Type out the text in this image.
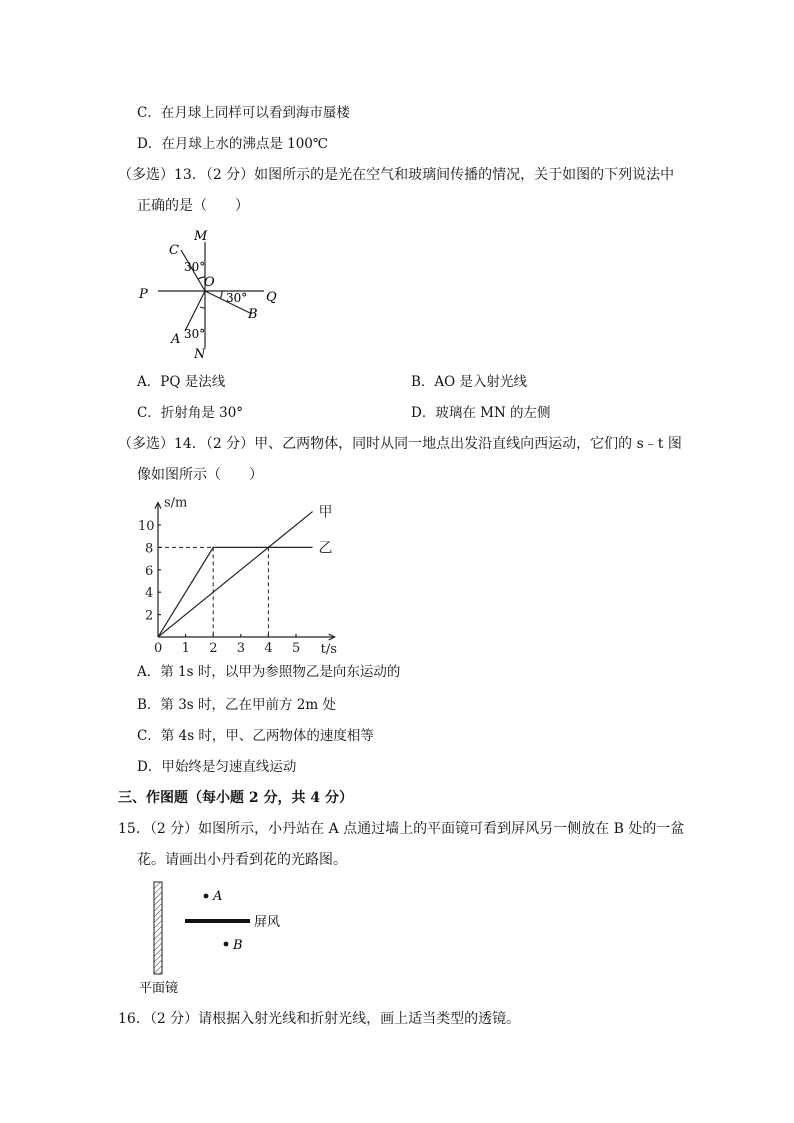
C．在月球上同样可以看到海市蜃楼
D．在月球上水的沸点是 100℃
（多选）13．（2 分）如图所示的是光在空气和玻璃间传播的情况，关于如图的下列说法中
正确的是（　　）
M
C
30°
O
P	Q
30°
B
30°
A
N
A．PQ 是法线	B．AO 是入射光线
C．折射角是 30°	D．玻璃在 MN 的左侧
（多选）14．（2 分）甲、乙两物体，同时从同一地点出发沿直线向西运动，它们的 s﹣t 图
像如图所示（　　）
0 1 2 3 4 5
2
4
6
8
10
s/m
t/s
甲
乙
A．第 1s 时，以甲为参照物乙是向东运动的
B．第 3s 时，乙在甲前方 2m 处
C．第 4s 时，甲、乙两物体的速度相等
D．甲始终是匀速直线运动
三、作图题（每小题 2 分，共 4 分）
15．（2 分）如图所示，小丹站在 A 点通过墙上的平面镜可看到屏风另一侧放在 B 处的一盆
花。请画出小丹看到花的光路图。
A
B
屏风
平面镜
16．（2 分）请根据入射光线和折射光线，画上适当类型的透镜。
